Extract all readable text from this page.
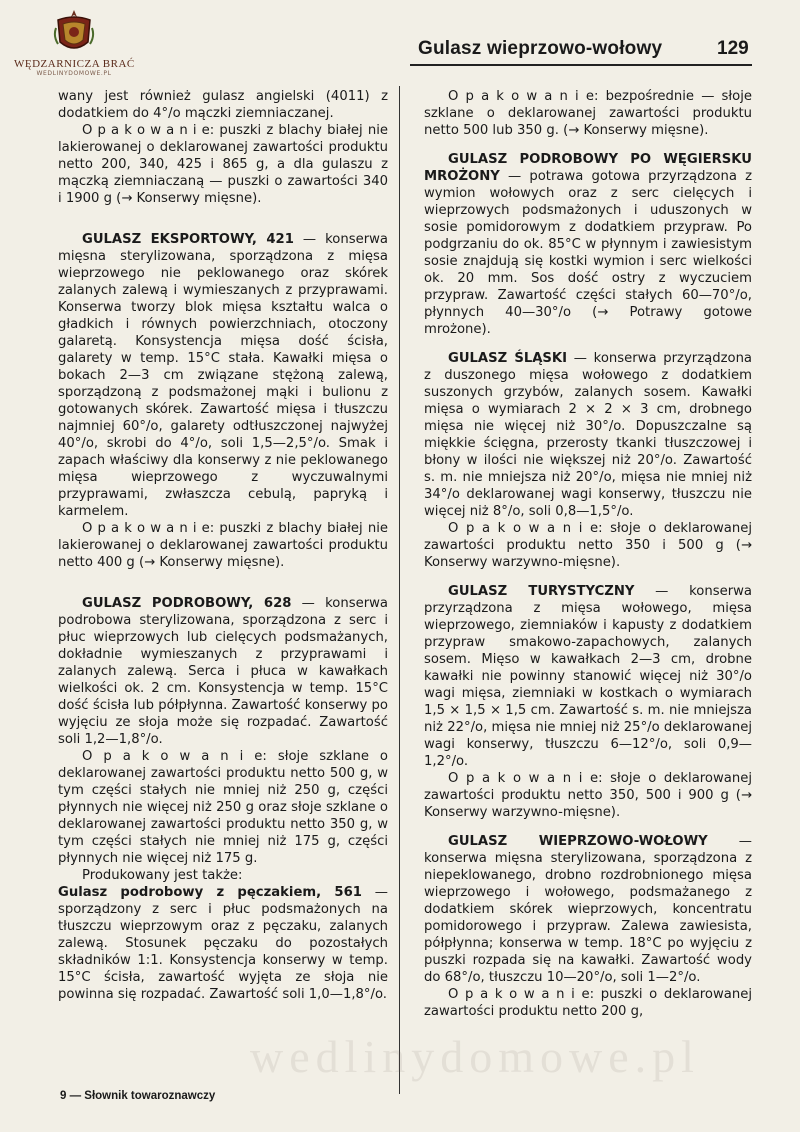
WĘDZARNICZA BRAĆ
WEDLINYDOMOWE.PL
Gulasz wieprzowo-wołowy	129

wany jest również gulasz angielski (4011) z dodatkiem do 4°/o mączki ziemniaczanej.

O p a k o w a n i e: puszki z blachy białej nie lakierowanej o deklarowanej zawartości produktu netto 200, 340, 425 i 865 g, a dla gulaszu z mączką ziemniaczaną — puszki o zawartości 340 i 1900 g (→ Konserwy mięsne).

GULASZ EKSPORTOWY, 421 — konserwa mięsna sterylizowana, sporządzona z mięsa wieprzowego nie peklowanego oraz skórek zalanych zalewą i wymieszanych z przyprawami. Konserwa tworzy blok mięsa kształtu walca o gładkich i równych powierzchniach, otoczony galaretą. Konsystencja mięsa dość ścisła, galarety w temp. 15°C stała. Kawałki mięsa o bokach 2—3 cm związane stężoną zalewą, sporządzoną z podsmażonej mąki i bulionu z gotowanych skórek. Zawartość mięsa i tłuszczu najmniej 60°/o, galarety odtłuszczonej najwyżej 40°/o, skrobi do 4°/o, soli 1,5—2,5°/o. Smak i zapach właściwy dla konserwy z nie peklowanego mięsa wieprzowego z wyczuwalnymi przyprawami, zwłaszcza cebulą, papryką i karmelem.

O p a k o w a n i e: puszki z blachy białej nie lakierowanej o deklarowanej zawartości produktu netto 400 g (→ Konserwy mięsne).

GULASZ PODROBOWY, 628 — konserwa podrobowa sterylizowana, sporządzona z serc i płuc wieprzowych lub cielęcych podsmażanych, dokładnie wymieszanych z przyprawami i zalanych zalewą. Serca i płuca w kawałkach wielkości ok. 2 cm. Konsystencja w temp. 15°C dość ścisła lub półpłynna. Zawartość konserwy po wyjęciu ze słoja może się rozpadać. Zawartość soli 1,2—1,8°/o.

O p a k o w a n i e: słoje szklane o deklarowanej zawartości produktu netto 500 g, w tym części stałych nie mniej niż 250 g, części płynnych nie więcej niż 250 g oraz słoje szklane o deklarowanej zawartości produktu netto 350 g, w tym części stałych nie mniej niż 175 g, części płynnych nie więcej niż 175 g.

Produkowany jest także:

Gulasz podrobowy z pęczakiem, 561 — sporządzony z serc i płuc podsmażonych na tłuszczu wieprzowym oraz z pęczaku, zalanych zalewą. Stosunek pęczaku do pozostałych składników 1:1. Konsystencja konserwy w temp. 15°C ścisła, zawartość wyjęta ze słoja nie powinna się rozpadać. Zawartość soli 1,0—1,8°/o.

O p a k o w a n i e: bezpośrednie — słoje szklane o deklarowanej zawartości produktu netto 500 lub 350 g. (→ Konserwy mięsne).

GULASZ PODROBOWY PO WĘGIERSKU MROŻONY — potrawa gotowa przyrządzona z wymion wołowych oraz z serc cielęcych i wieprzowych podsmażonych i uduszonych w sosie pomidorowym z dodatkiem przypraw. Po podgrzaniu do ok. 85°C w płynnym i zawiesistym sosie znajdują się kostki wymion i serc wielkości ok. 20 mm. Sos dość ostry z wyczuciem przypraw. Zawartość części stałych 60—70°/o, płynnych 40—30°/o (→ Potrawy gotowe mrożone).

GULASZ ŚLĄSKI — konserwa przyrządzona z duszonego mięsa wołowego z dodatkiem suszonych grzybów, zalanych sosem. Kawałki mięsa o wymiarach 2 × 2 × 3 cm, drobnego mięsa nie więcej niż 30°/o. Dopuszczalne są miękkie ścięgna, przerosty tkanki tłuszczowej i błony w ilości nie większej niż 20°/o. Zawartość s. m. nie mniejsza niż 20°/o, mięsa nie mniej niż 34°/o deklarowanej wagi konserwy, tłuszczu nie więcej niż 8°/o, soli 0,8—1,5°/o.

O p a k o w a n i e: słoje o deklarowanej zawartości produktu netto 350 i 500 g (→ Konserwy warzywno-mięsne).

GULASZ TURYSTYCZNY — konserwa przyrządzona z mięsa wołowego, mięsa wieprzowego, ziemniaków i kapusty z dodatkiem przypraw smakowo-zapachowych, zalanych sosem. Mięso w kawałkach 2—3 cm, drobne kawałki nie powinny stanowić więcej niż 30°/o wagi mięsa, ziemniaki w kostkach o wymiarach 1,5 × 1,5 × 1,5 cm. Zawartość s. m. nie mniejsza niż 22°/o, mięsa nie mniej niż 25°/o deklarowanej wagi konserwy, tłuszczu 6—12°/o, soli 0,9—1,2°/o.

O p a k o w a n i e: słoje o deklarowanej zawartości produktu netto 350, 500 i 900 g (→ Konserwy warzywno-mięsne).

GULASZ WIEPRZOWO-WOŁOWY — konserwa mięsna sterylizowana, sporządzona z niepeklowanego, drobno rozdrobnionego mięsa wieprzowego i wołowego, podsmażanego z dodatkiem skórek wieprzowych, koncentratu pomidorowego i przypraw. Zalewa zawiesista, półpłynna; konserwa w temp. 18°C po wyjęciu z puszki rozpada się na kawałki. Zawartość wody do 68°/o, tłuszczu 10—20°/o, soli 1—2°/o.

O p a k o w a n i e: puszki o deklarowanej zawartości produktu netto 200 g,

wedlinydomowe.pl
9 — Słownik towaroznawczy
